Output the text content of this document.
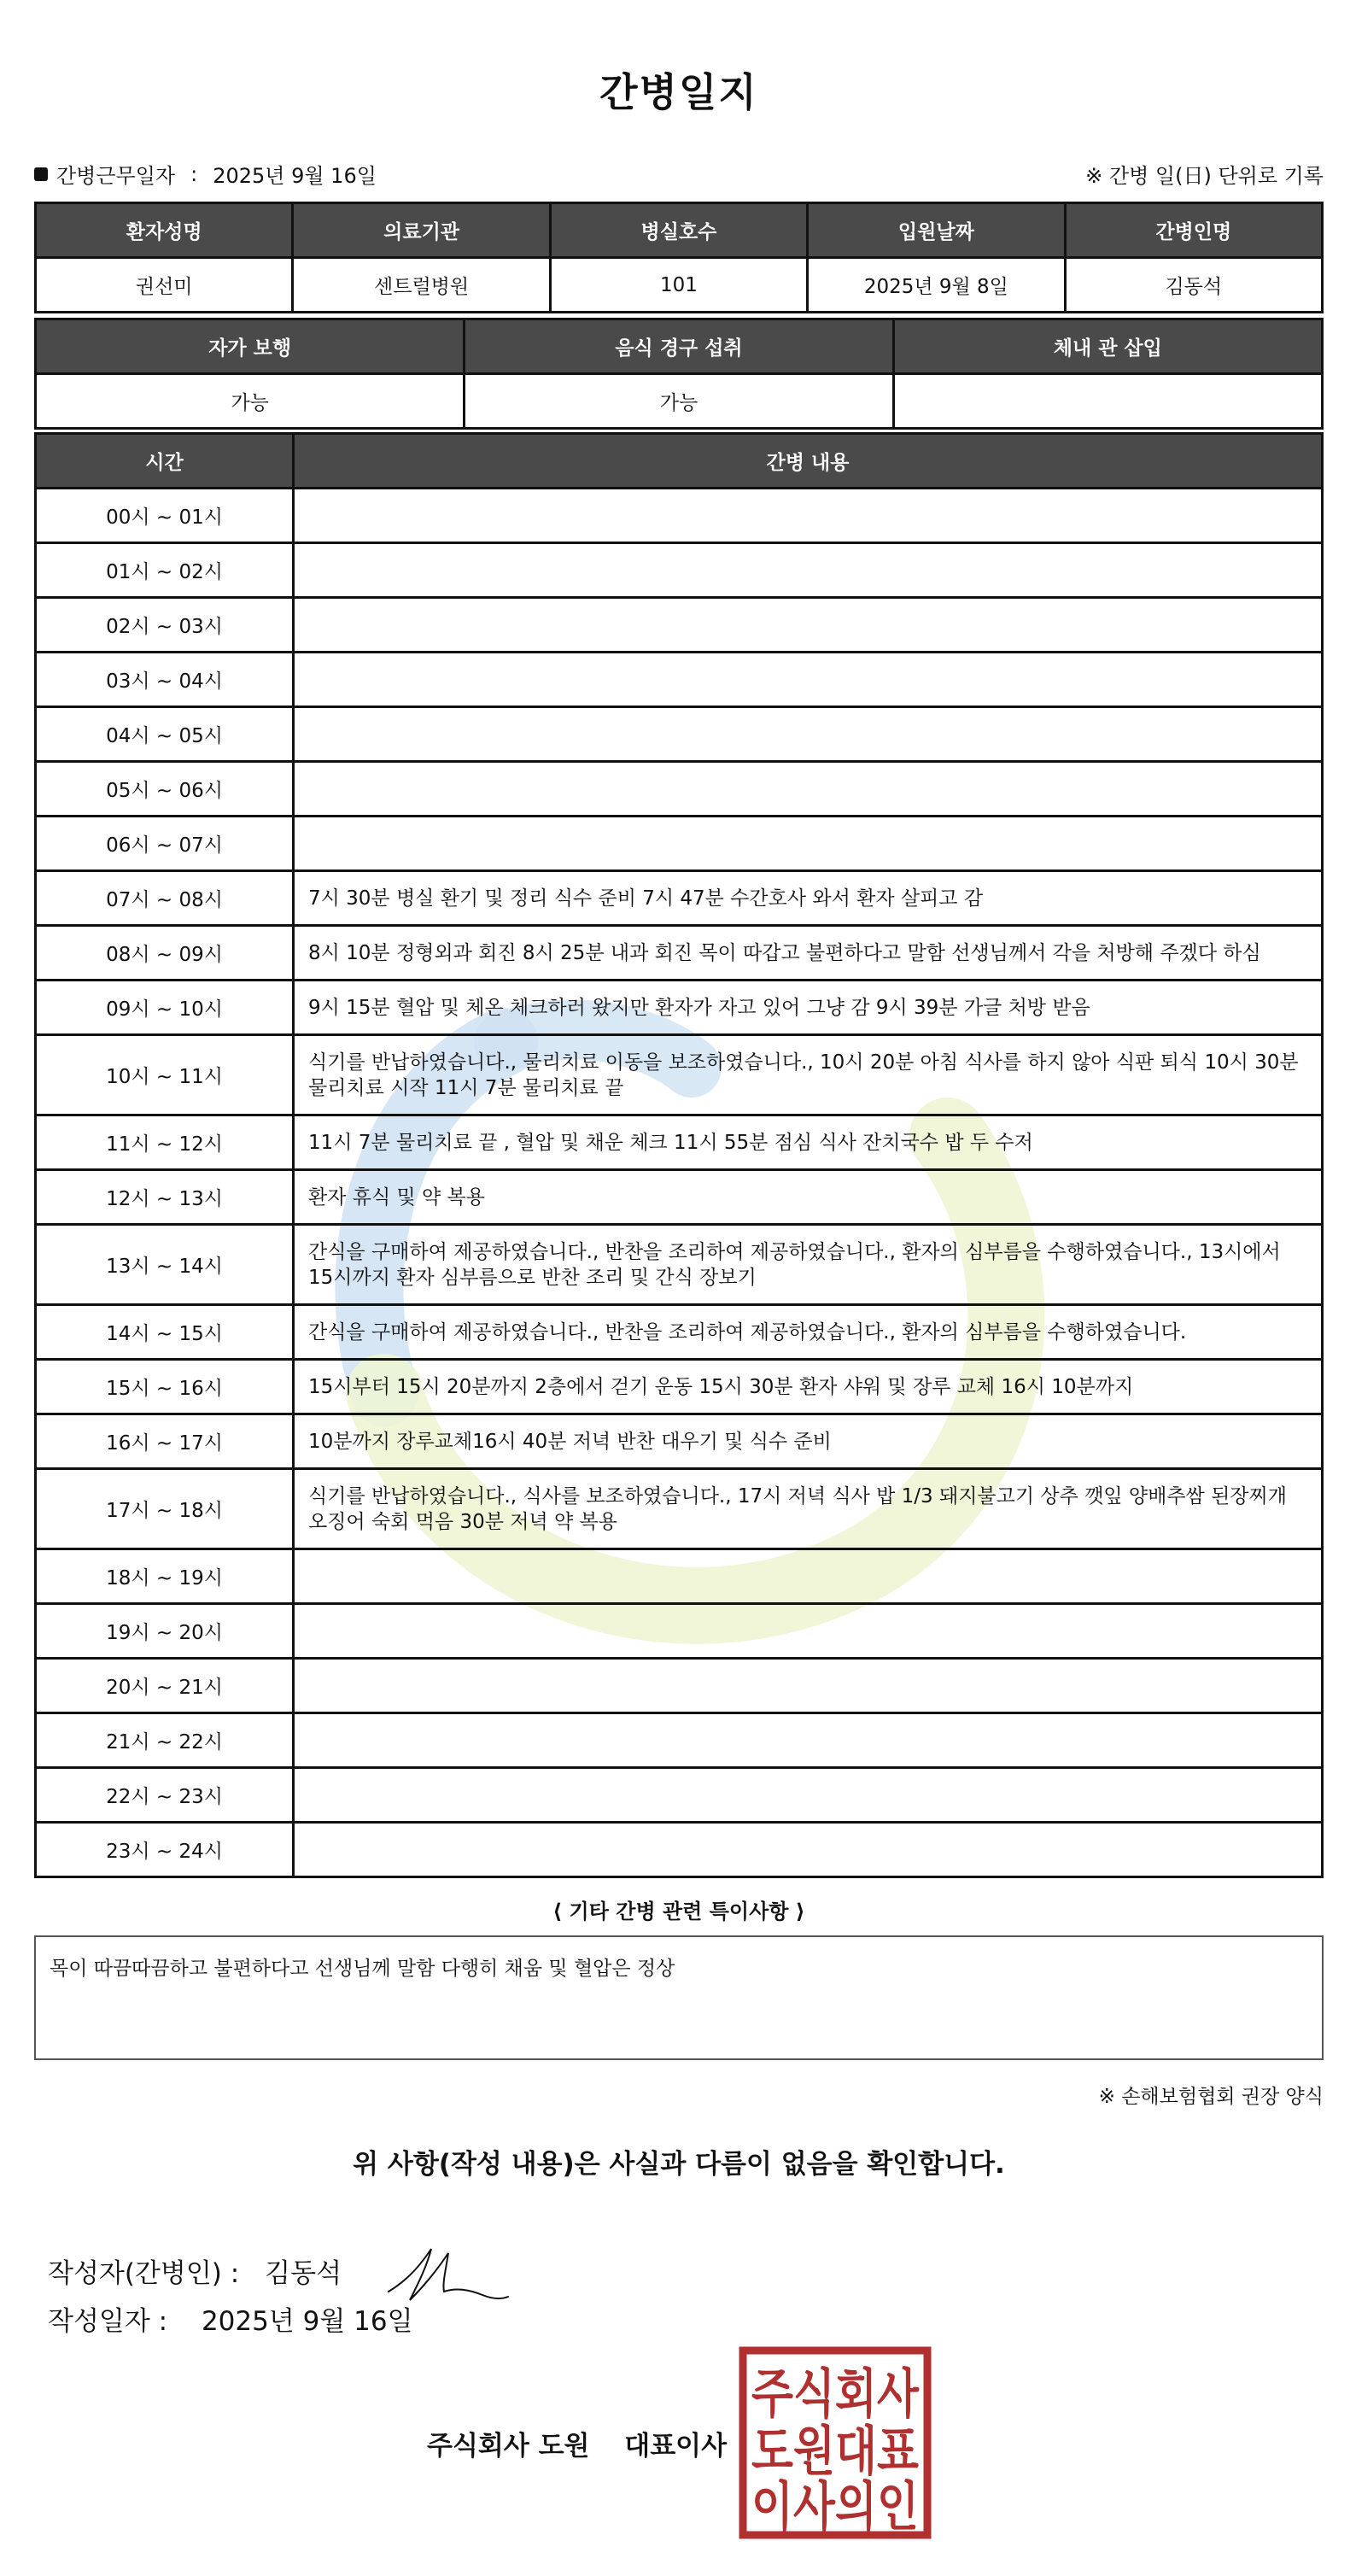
간병일지
간병근무일자 : 2025년 9월 16일	※ 간병 일(日) 단위로 기록
환자성명	의료기관	병실호수	입원날짜	간병인명
권선미	센트럴병원	101	2025년 9월 8일	김동석
자가 보행	음식 경구 섭취	체내 관 삽입
가능	가능	
시간	간병 내용
00시 ~ 01시	
01시 ~ 02시	
02시 ~ 03시	
03시 ~ 04시	
04시 ~ 05시	
05시 ~ 06시	
06시 ~ 07시	
07시 ~ 08시	7시 30분 병실 환기 및 정리 식수 준비 7시 47분 수간호사 와서 환자 살피고 감
08시 ~ 09시	8시 10분 정형외과 회진 8시 25분 내과 회진 목이 따갑고 불편하다고 말함 선생님께서 각을 처방해 주겠다 하심
09시 ~ 10시	9시 15분 혈압 및 체온 체크하러 왔지만 환자가 자고 있어 그냥 감 9시 39분 가글 처방 받음
10시 ~ 11시	식기를 반납하였습니다., 물리치료 이동을 보조하였습니다., 10시 20분 아침 식사를 하지 않아 식판 퇴식 10시 30분 물리치료 시작 11시 7분 물리치료 끝
11시 ~ 12시	11시 7분 물리치료 끝 , 혈압 및 채운 체크 11시 55분 점심 식사 잔치국수 밥 두 수저
12시 ~ 13시	환자 휴식 및 약 복용
13시 ~ 14시	간식을 구매하여 제공하였습니다., 반찬을 조리하여 제공하였습니다., 환자의 심부름을 수행하였습니다., 13시에서 15시까지 환자 심부름으로 반찬 조리 및 간식 장보기
14시 ~ 15시	간식을 구매하여 제공하였습니다., 반찬을 조리하여 제공하였습니다., 환자의 심부름을 수행하였습니다.
15시 ~ 16시	15시부터 15시 20분까지 2층에서 걷기 운동 15시 30분 환자 샤워 및 장루 교체 16시 10분까지
16시 ~ 17시	10분까지 장루교체16시 40분 저녁 반찬 대우기 및 식수 준비
17시 ~ 18시	식기를 반납하였습니다., 식사를 보조하였습니다., 17시 저녁 식사 밥 1/3 돼지불고기 상추 깻잎 양배추쌈 된장찌개 오징어 숙회 먹음 30분 저녁 약 복용
18시 ~ 19시	
19시 ~ 20시	
20시 ~ 21시	
21시 ~ 22시	
22시 ~ 23시	
23시 ~ 24시	
⟨ 기타 간병 관련 특이사항 ⟩
목이 따끔따끔하고 불편하다고 선생님께 말함 다행히 채움 및 혈압은 정상
※ 손해보험협회 권장 양식
위 사항(작성 내용)은 사실과 다름이 없음을 확인합니다.
작성자(간병인) : 김동석
작성일자 : 2025년 9월 16일
주식회사 도원 대표이사
주식회사
도원대표
이사의인
